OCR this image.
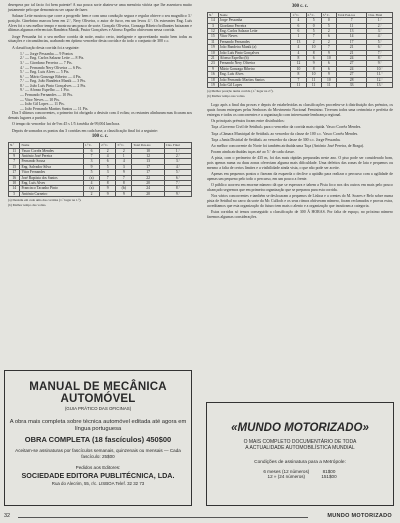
desespera por tal facto foi bem patente! A sua pouca sorte abateu-se uma memória vitória que lhe assentava muito justamente pelo que demonstrou ser capaz de fazer.

Salazar Leite mostrou que corre a progredir bem e com uma condução segura e regular obteve o seu magnífico 3.º posição. Ginebrino marcou bem em 2.º, Nery Oliveira, o autor de furor, em um levou 4.º. Os estreantes Eng. Luís Alves foi o seu melhor tempo e mostrou um pouco de sorte. Gonçalo Oliveira, Gonzaga Ribeiro brilhantes baixaram e últimas algumas referenciais Bandeira Manik, Pastor Gonçalves e Afonso Espelho obtiveram nessa corrida.

Jorge Pessanha foi o seu melhor corrida da noite, muito certo, inteligente e aproveitando muito bem todas as situações e circunstâncias, acabando em óptimo vencedor desta corrida e do todo o conjunto de 300 c.c.

A classificação desta corrida foi a seguinte:

1.º — Jorge Pessanha — 9 Pontos
2.º — Eng. Carlos Salazar Leite — 8 Pts.
3.º — Giordano Ferreira — 7 Pts.
4.º — Fernando Nery Oliveira — 6 Pts.
5.º — Eng. Luis Alves — 5 Pts.
6.º — Mário Gonzaga Ribeiro — 4 Pts.
7.º — Eng. João Bandeira Manik — 3 Pts.
8.º — João Luís Pinto Gonçalves — 2 Pts.
9.º — Afonso Espelho — 1 Pto.
— Fernando Fernandes — 10 Pts.
— Vitor Neves — 10 Pts.
— João Gil Lopes — 11 Pts.
— João Fernando Martins Santos — 11 Pts.

Dos 5 últimos concorrentes, o primeiro foi obrigado a desistir com 4 voltas; os restantes alinharam mas ficaram aos demais lugares a partida.

O tempo do vencedor foi de 9 m 45 s 1/5 à média de 99,004 km/hora.

Depois de somados os pontos das 3 corridas em cada base, a classificação final foi a seguinte:

100 c. c.
N.º	Nome	1.ª C.	2.ª C.	3.ª C.	Total Pon-tos	Clas. Final
11	Vasco Corrêa Mendes	6	2	2	10	1.º
9	António José Pereira	7	4	1	12	2.º
7	Fernando Sousa	3	6	4	13	3.º
15	Eng. Salvador Silva	9	5	3	17	4.º
17	Vitor Fernandes	5	3	9	17	5.º
16	José Baptista dos Santos	(a)	7	7	22	6.º
10	Eng. Luís Alves	4	8	8	20	7.º
14	Francisco Tacanho Pinto	(a)	9	(b)	24	8.º
5	António Carneiro	2	9	9	20	9.º
(a) Desistiu em cada uma das corridas (1.º lugar na 1.ª).
(b) Melhor tempo das voltas.
300 c. c.
N.º	Nome	1.ª C.	2.ª C.	3.ª C.	Total Pon-tos	Clas. Final
14	Jorge Pessanha	4	5	0	7	1.º
3	Giordano Ferreira	6	0	5	11	2.º
12	Eng. Carlos Salazar Leite	6	5	2	13	3.º
15	Vitor Neves	1	7	6	14	4.º
11	Fernando Fernandes	13	2	2	17	5.º
19	João Bandeira Manik (a)	4	10	7	21	6.º
10	João Luís Pinto Gonçalves	4	8	9	21	7.º
21	Afonso Espelho (b)	8	6	10	24	8.º
23	Fernando Nery Oliveira	12	9	6	27	9.º
9	Mário Gonzaga Ribeiro	10	8	6	24	10.º
16	Eng. Luís Alves	8	10	9	27	11.º
18	João Fernando Martins Santos	7	11	10	28	12.º
19	João Gil Lopes	11	11	11	33	13.º
(a) Melhor posição numa corrida (1.º lugar na 2.ª).
(b) Melhor tempo nas voltas.

Logo após a final das provas e depois de estabelecidas as classificações procedeu-se à distribuição dos prémios, os quais foram entregues pelas Senhoras do Movimento Nacional Feminino. Tiveram todos uma cerimónia e perfeita de entregas e todos os concorrentes e a organização com interessante lembrança regional.

Os principais prémios foram entre distribuídos:

Taça «Governo Civil de Setúbal» para o vencedor da corrida mais rápida. Vasco Corrêa Mendes.

Taça «Câmara Municipal de Setúbal» ao vencedor da classe de 100 c.c. Vasco Corrêa Mendes.

Taça «Junta Distrital de Setúbal» ao vencedor da classe de 300 c.c. Jorge Pessanha.

Ao melhor concorrente do Norte foi também atribuída uma Taça (António José Pereira, de Braga).

Foram ainda atribuídas taças até ao 5.º de cada classe.

A pista, com o perímetro de 435 m, foi das mais rápidas preparadas neste ano. O piso pode ser considerado bom, pois apenas numa ou duas zonas ofereciam alguma mais dificuldade. Uma defeitos das zonas de lata e pequenos ou mesmo a falta de certos limites e a visibilidade ainda vista, o que não pode ser aceite.

Apenas em pequenos pontos o fizeram da esquerda o declive a aptidão para realizar o percurso com a agilidade de apenas um pequeno pelo todo o percurso, em um pouco a frente.

O público acorreu em enorme número dá que se esperava e tabem a Pista foco nos dos outros em mais pelo pouco alcançado segremos que em primeira organização que se preparou para esta corrida.

Nos vários concorrentes e também se deslocaram a pequenos de Lisboa e a crentes do M. Soares e Belo sobre numa pista de Setúbal no carro da sorte da Mc Culloch e os seus ritmos obtiveram número, foram reclamados e provas extra, acreditamos que esta organização do futuro tem mais o alento e a organização que incutiram a categoria.

Estas corridas só temos conseguido a classificação de 300 Á HORAS. Por falta de espaço, no próximo número faremos algumas considerações.

MANUAL DE MECÂNICA AUTOMÓVEL
(GUIA PRÁTICO DAS OFICINAS)
A obra mais completa sobre técnica automóvel editada até agora em língua portuguesa
OBRA COMPLETA (18 fascículos) 450$00
Aceitam-se assinaturas por fascículos semanais, quinzenais ou mensais — Cada fascículo: 25$00
Pedidos aos Editores:
SOCIEDADE EDITORA PUBLITÉCNICA, LDA.
Rua do Alecrim, 55, r/c. LISBOA Telef. 32 32 73
«MUNDO MOTORIZADO»
O MAIS COMPLETO DOCUMENTÁRIO DE TODA
A ACTUALIDADE AUTOMOBILÍSTICA MUNDIAL
Condições de assinatura para a Metrópole:
6 meses (12 números)	81$00
12 » (24 números)	151$00
32	MUNDO MOTORIZADO
